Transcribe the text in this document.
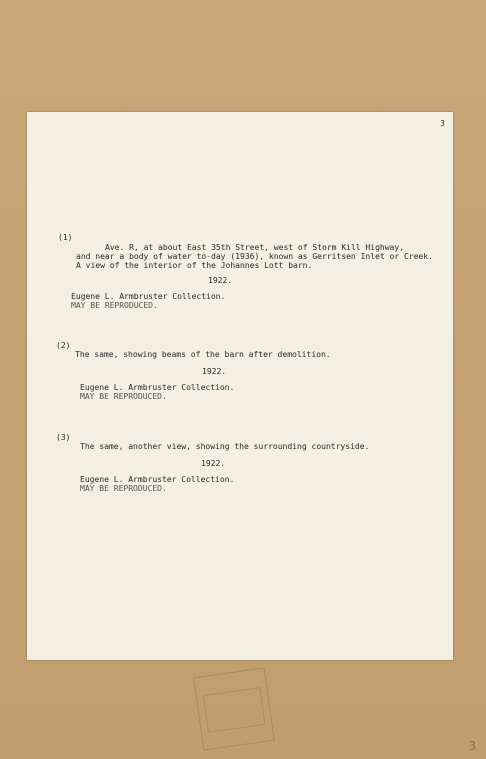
3
(1)
Ave. R, at about East 35th Street, west of Storm Kill Highway,
and near a body of water to-day (1936), known as Gerritsen Inlet or Creek.
A view of the interior of the Johannes Lott barn.
1922.
Eugene L. Armbruster Collection.
MAY BE REPRODUCED.
(2)
The same, showing beams of the barn after demolition.
1922.
Eugene L. Armbruster Collection.
MAY BE REPRODUCED.
(3)
The same, another view, showing the surrounding countryside.
1922.
Eugene L. Armbruster Collection.
MAY BE REPRODUCED.
3
